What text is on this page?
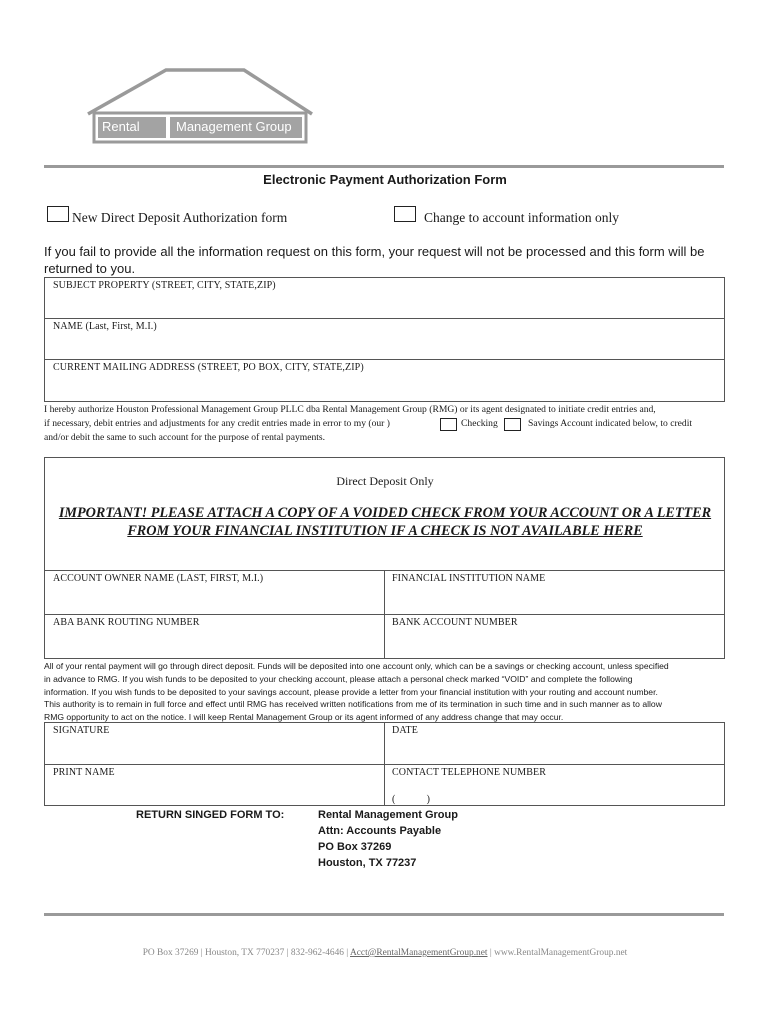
Rental	Management Group
Electronic Payment Authorization Form
New Direct Deposit Authorization form	Change to account information only
If you fail to provide all the information request on this form, your request will not be processed and this form will be returned to you.
SUBJECT PROPERTY (STREET, CITY, STATE,ZIP)
NAME (Last, First, M.I.)
CURRENT MAILING ADDRESS (STREET, PO BOX, CITY, STATE,ZIP)
I hereby authorize Houston Professional Management Group PLLC dba Rental Management Group (RMG) or its agent designated to initiate credit entries and,
if necessary, debit entries and adjustments for any credit entries made in error to my (our )	Checking	Savings Account indicated below, to credit
and/or debit the same to such account for the purpose of rental payments.
Direct Deposit Only
IMPORTANT! PLEASE ATTACH A COPY OF A VOIDED CHECK FROM YOUR ACCOUNT OR A LETTER
FROM YOUR FINANCIAL INSTITUTION IF A CHECK IS NOT AVAILABLE HERE
ACCOUNT OWNER NAME (LAST, FIRST, M.I.)	FINANCIAL INSTITUTION NAME
ABA BANK ROUTING NUMBER	BANK ACCOUNT NUMBER
All of your rental payment will go through direct deposit. Funds will be deposited into one account only, which can be a savings or checking account, unless specified
in advance to RMG. If you wish funds to be deposited to your checking account, please attach a personal check marked “VOID” and complete the following
information. If you wish funds to be deposited to your savings account, please provide a letter from your financial institution with your routing and account number.
This authority is to remain in full force and effect until RMG has received written notifications from me of its termination in such time and in such manner as to allow
RMG opportunity to act on the notice. I will keep Rental Management Group or its agent informed of any address change that may occur.
SIGNATURE	DATE
PRINT NAME	CONTACT TELEPHONE NUMBER
(            )
RETURN SINGED FORM TO:	Rental Management Group
Attn: Accounts Payable
PO Box 37269
Houston, TX 77237
PO Box 37269 | Houston, TX 770237 | 832-962-4646 | Acct@RentalManagementGroup.net | www.RentalManagementGroup.net
